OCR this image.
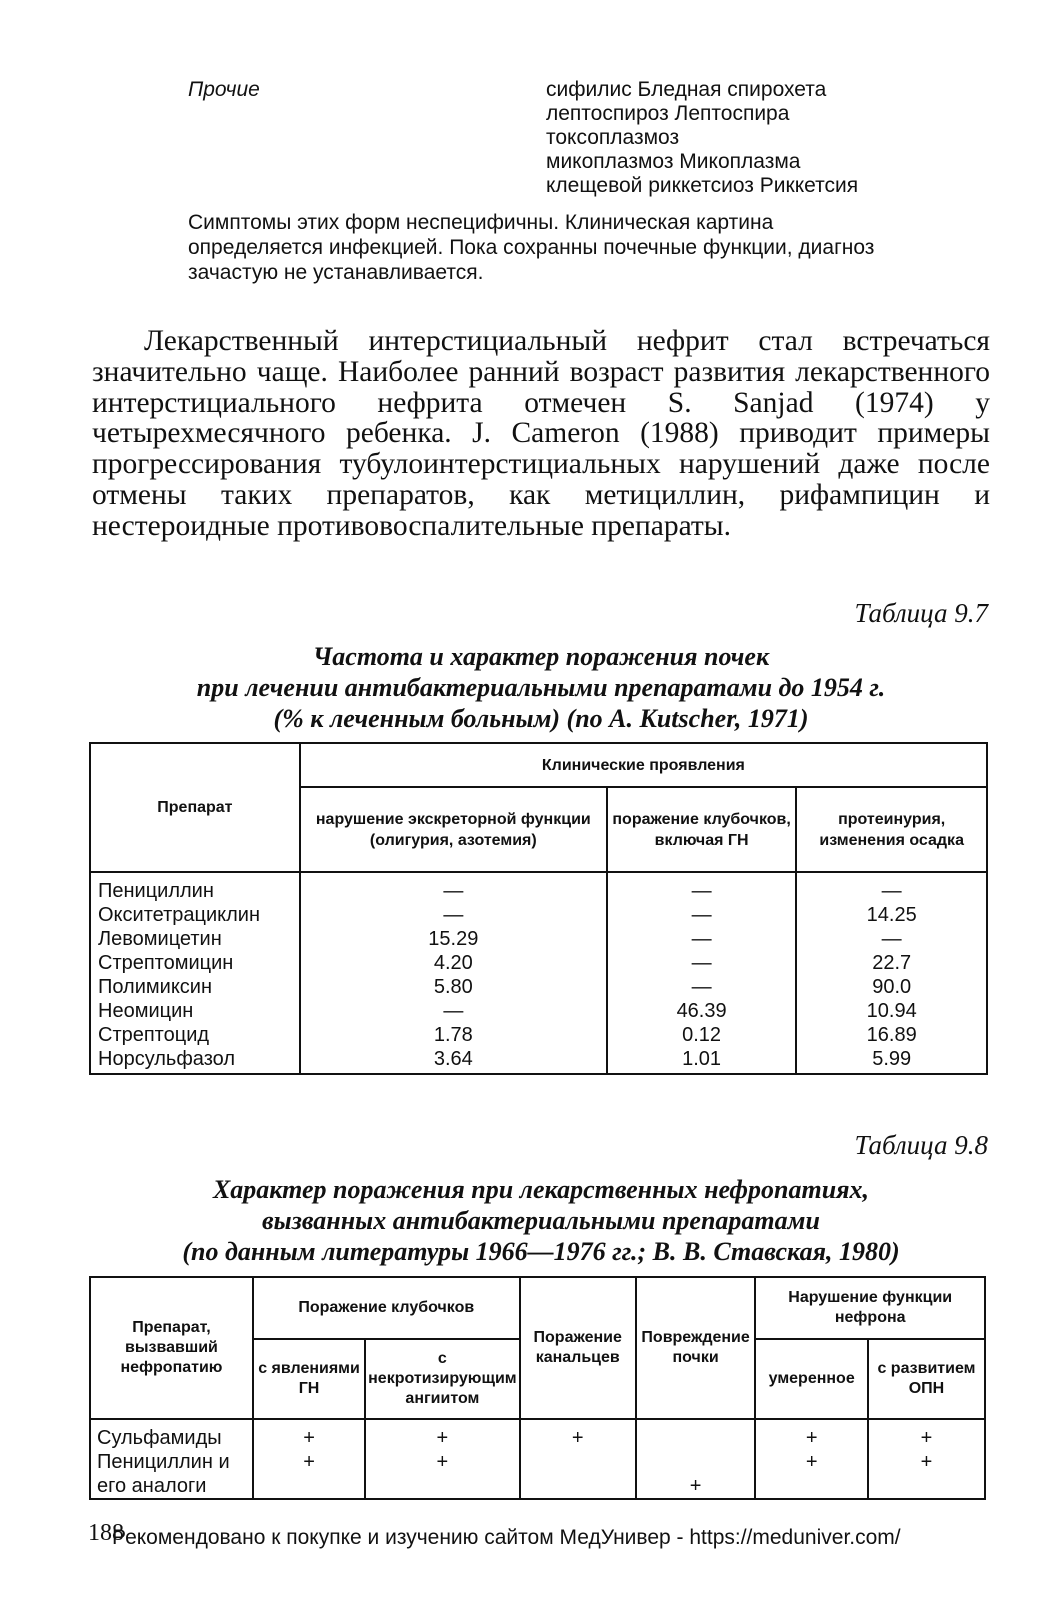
Прочие	сифилис Бледная спирохета
лептоспироз Лептоспира
токсоплазмоз
микоплазмоз Микоплазма
клещевой риккетсиоз Риккетсия
Симптомы этих форм неспецифичны. Клиническая картина определяется инфекцией. Пока сохранны почечные функции, диагноз зачастую не устанавливается.
Лекарственный интерстициальный нефрит стал встречаться значительно чаще. Наиболее ранний возраст развития лекарственного интерстициального нефрита отмечен S. Sanjad (1974) у четырехмесячного ребенка. J. Cameron (1988) приводит примеры прогрессирования тубулоинтерстициальных нарушений даже после отмены таких препаратов, как метициллин, рифампицин и нестероидные противовоспалительные препараты.
Таблица 9.7
Частота и характер поражения почек
при лечении антибактериальными препаратами до 1954 г.
(% к леченным больным) (по A. Kutscher, 1971)
Препарат	Клинические проявления		
	нарушение экскреторной функции (олигурия, азотемия)	поражение клубочков, включая ГН	протеинурия, изменения осадка
Пенициллин	—	—	—
Окситетрациклин	—	—	14.25
Левомицетин	15.29	—	—
Стрептомицин	4.20	—	22.7
Полимиксин	5.80	—	90.0
Неомицин	—	46.39	10.94
Стрептоцид	1.78	0.12	16.89
Норсульфазол	3.64	1.01	5.99
Таблица 9.8
Характер поражения при лекарственных нефропатиях,
вызванных антибактериальными препаратами
(по данным литературы 1966—1976 гг.; В. В. Ставская, 1980)
Препарат, вызвавший нефропатию	Поражение клубочков		Поражение канальцев	Повреждение почки	Нарушение функции нефрона	
	с явлениями ГН	с некротизирующим ангиитом			умеренное	с развитием ОПН
Сульфамиды	+	+	+		+	+
Пенициллин и его аналоги	+	+		+	+	+
188
Рекомендовано к покупке и изучению сайтом МедУнивер - https://meduniver.com/
